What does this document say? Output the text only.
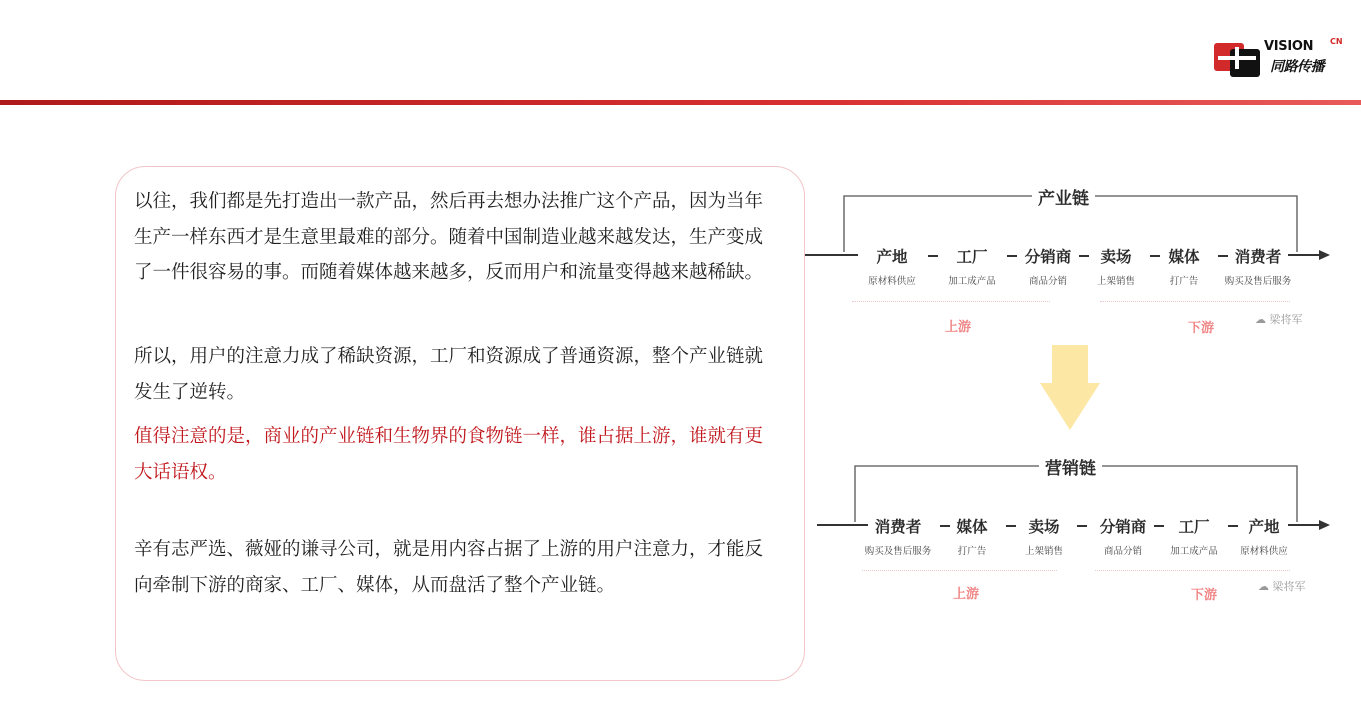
VISION CN
同路传播

以往，我们都是先打造出一款产品，然后再去想办法推广这个产品，因为当年生产一样东西才是生意里最难的部分。随着中国制造业越来越发达，生产变成了一件很容易的事。而随着媒体越来越多，反而用户和流量变得越来越稀缺。

所以，用户的注意力成了稀缺资源，工厂和资源成了普通资源，整个产业链就发生了逆转。

值得注意的是，商业的产业链和生物界的食物链一样，谁占据上游，谁就有更大话语权。

辛有志严选、薇娅的谦寻公司，就是用内容占据了上游的用户注意力，才能反向牵制下游的商家、工厂、媒体，从而盘活了整个产业链。

产业链
产地
原材料供应
工厂
加工成产品
分销商
商品分销
卖场
上架销售
媒体
打广告
消费者
购买及售后服务
上游	下游
☁ 梁将军
营销链
消费者
购买及售后服务
媒体
打广告
卖场
上架销售
分销商
商品分销
工厂
加工成产品
产地
原材料供应
上游	下游
☁ 梁将军
